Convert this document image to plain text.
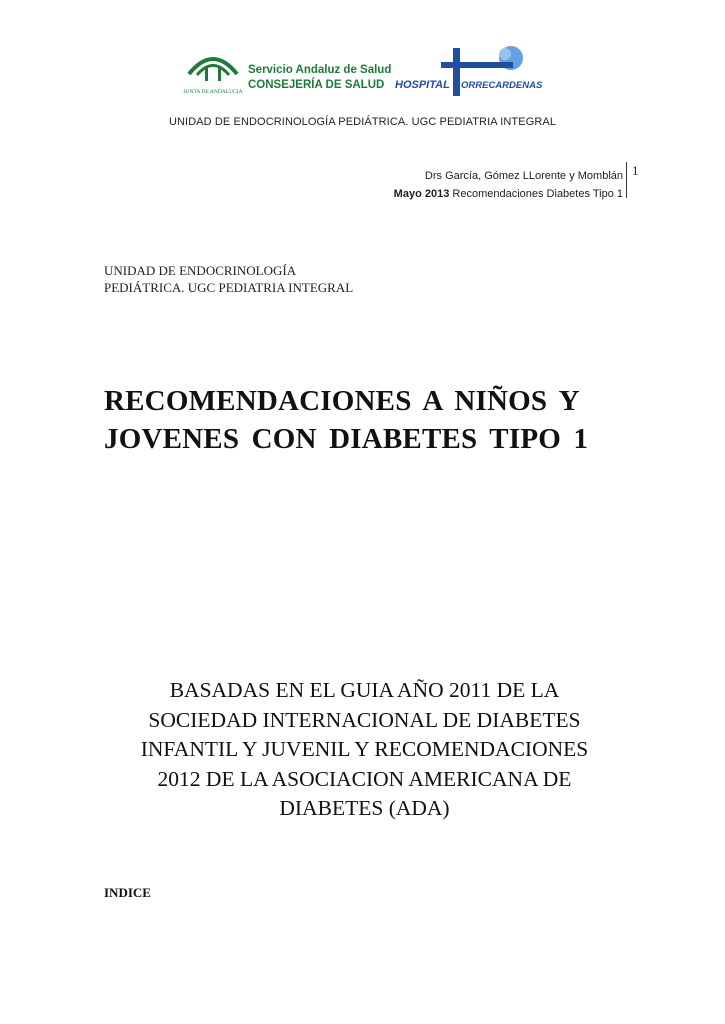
JUNTA DE ANDALUCIA
Servicio Andaluz de Salud
CONSEJERÍA DE SALUD HOSPITAL ORRECARDENAS
UNIDAD DE ENDOCRINOLOGÍA PEDIÁTRICA. UGC PEDIATRIA INTEGRAL
Drs García, Gómez LLorente y Momblán
Mayo 2013 Recomendaciones Diabetes Tipo 1
1
UNIDAD DE ENDOCRINOLOGÍA
PEDIÁTRICA. UGC PEDIATRIA INTEGRAL
RECOMENDACIONES A NIÑOS Y
JOVENES CON DIABETES TIPO 1
BASADAS EN EL GUIA AÑO 2011 DE LA
SOCIEDAD INTERNACIONAL DE DIABETES
INFANTIL Y JUVENIL Y RECOMENDACIONES
2012 DE LA ASOCIACION AMERICANA DE
DIABETES (ADA)
INDICE
